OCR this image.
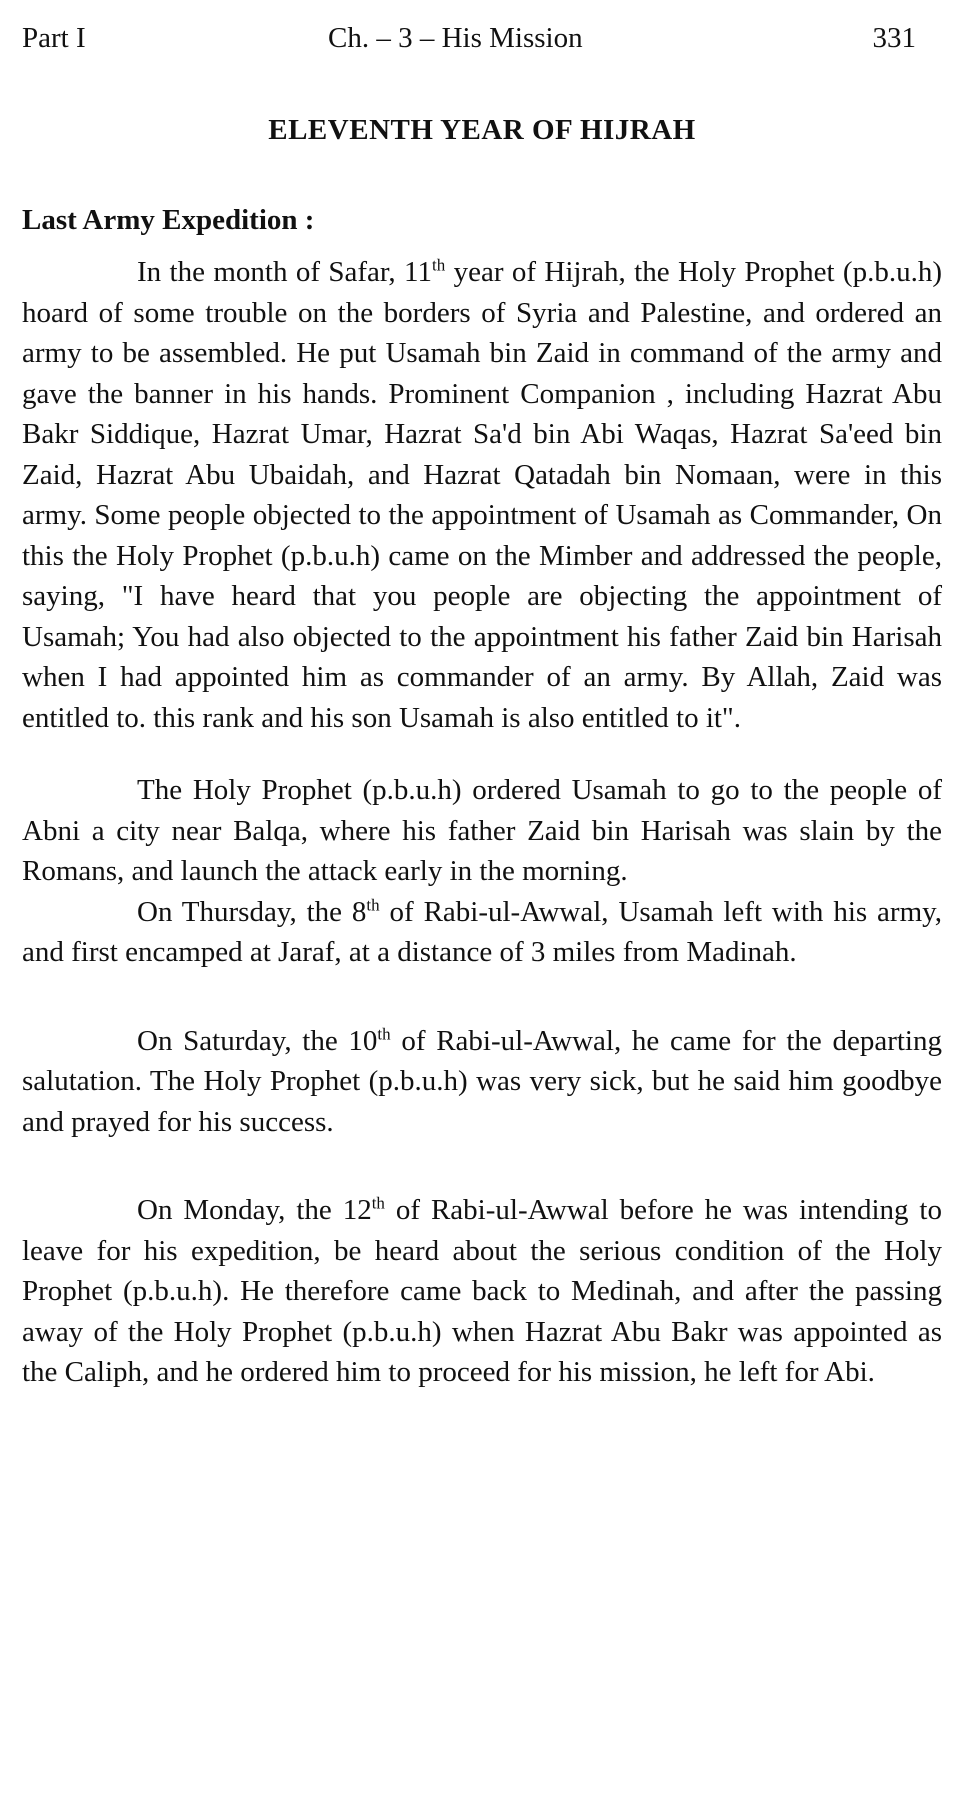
Part I	Ch. – 3 – His Mission	331
ELEVENTH YEAR OF HIJRAH
Last Army Expedition :

In the month of Safar, 11th year of Hijrah, the Holy Prophet (p.b.u.h) hoard of some trouble on the borders of Syria and Palestine, and ordered an army to be assembled. He put Usamah bin Zaid in command of the army and gave the banner in his hands. Prominent Companion , including Hazrat Abu Bakr Siddique, Hazrat Umar, Hazrat Sa'd bin Abi Waqas, Hazrat Sa'eed bin Zaid, Hazrat Abu Ubaidah, and Hazrat Qatadah bin Nomaan, were in this army. Some people objected to the appointment of Usamah as Commander, On this the Holy Prophet (p.b.u.h) came on the Mimber and addressed the people, saying, "I have heard that you people are objecting the appointment of Usamah; You had also objected to the appointment his father Zaid bin Harisah when I had appointed him as commander of an army. By Allah, Zaid was entitled to. this rank and his son Usamah is also entitled to it".

The Holy Prophet (p.b.u.h) ordered Usamah to go to the people of Abni a city near Balqa, where his father Zaid bin Harisah was slain by the Romans, and launch the attack early in the morning.

On Thursday, the 8th of Rabi-ul-Awwal, Usamah left with his army, and first encamped at Jaraf, at a distance of 3 miles from Madinah.

On Saturday, the 10th of Rabi-ul-Awwal, he came for the departing salutation. The Holy Prophet (p.b.u.h) was very sick, but he said him goodbye and prayed for his success.

On Monday, the 12th of Rabi-ul-Awwal before he was intending to leave for his expedition, be heard about the serious condition of the Holy Prophet (p.b.u.h). He therefore came back to Medinah, and after the passing away of the Holy Prophet (p.b.u.h) when Hazrat Abu Bakr was appointed as the Caliph, and he ordered him to proceed for his mission, he left for Abi.
